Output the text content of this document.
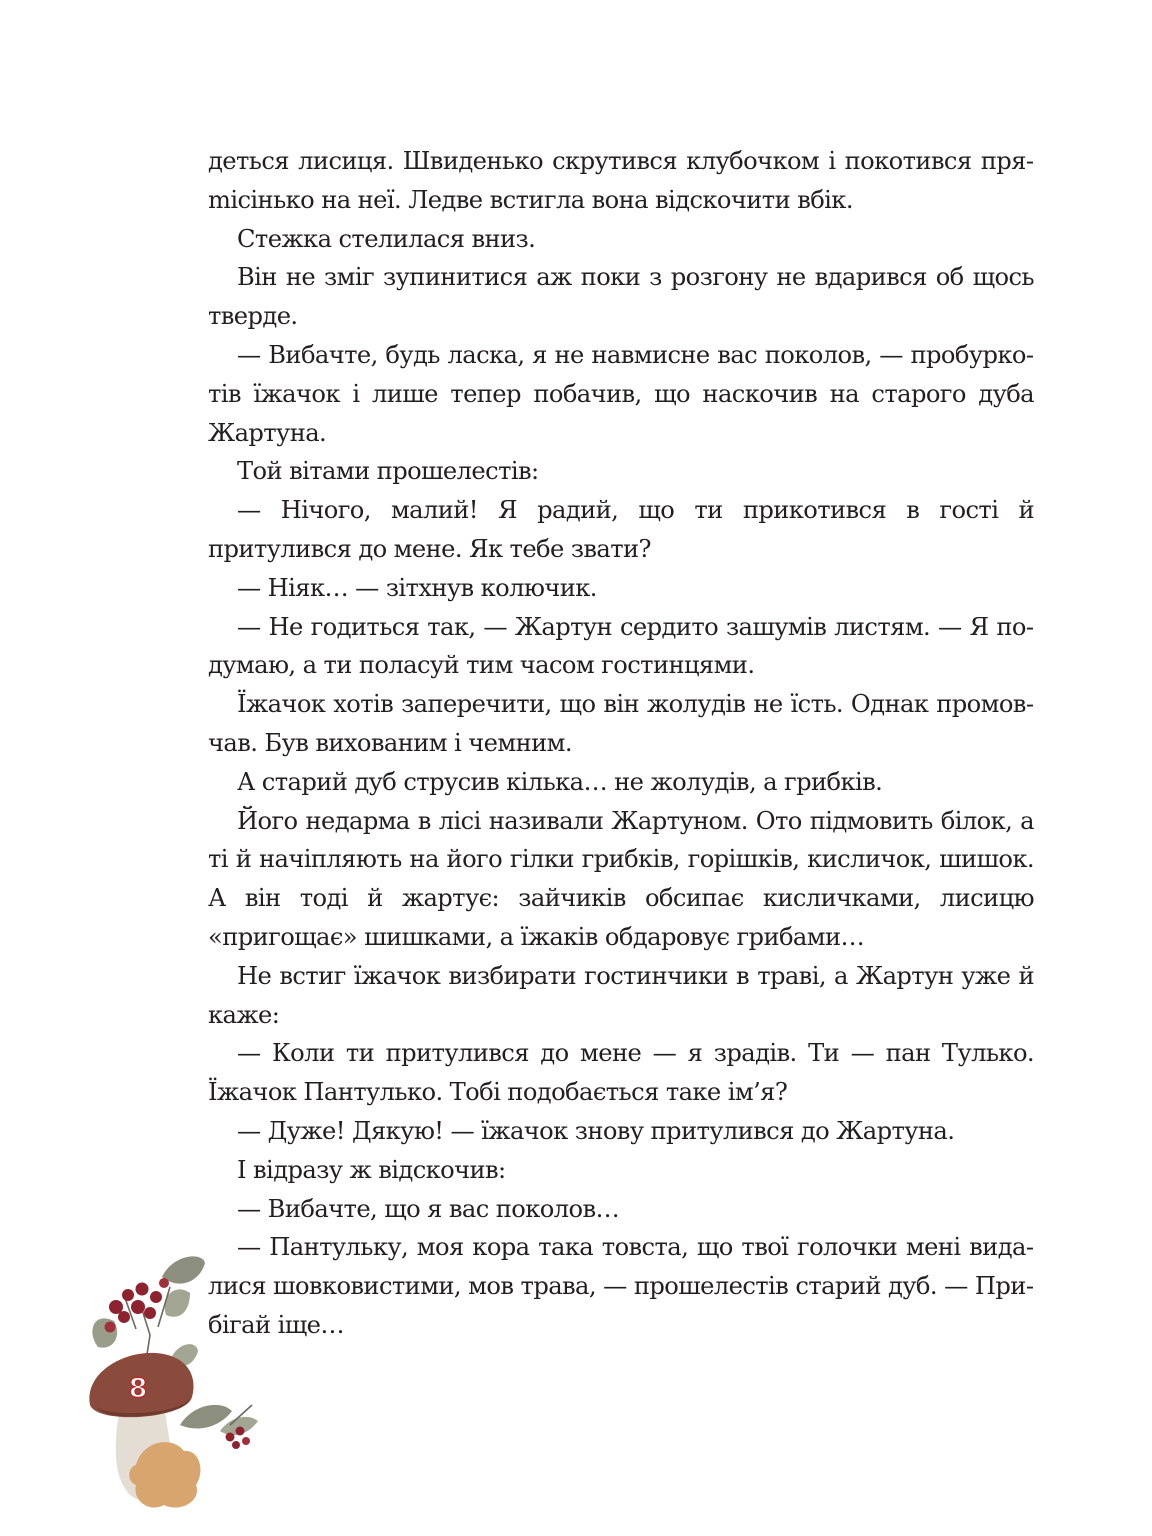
деться лисиця. Швиденько скрутився клубочком і покотився пряmісінько на неї. Ледве встигла вона відскочити вбік.

Стежка стелилася вниз.

Він не зміг зупинитися аж поки з розгону не вдарився об щось тверде.

— Вибачте, будь ласка, я не навмисне вас поколов, — пробуркотів їжачок і лише тепер побачив, що наскочив на старого дуба Жартуна.

Той вітами прошелестів:

— Нічого, малий! Я радий, що ти прикотився в гості й притулився до мене. Як тебе звати?

— Ніяк… — зітхнув колючик.

— Не годиться так, — Жартун сердито зашумів листям. — Я подумаю, а ти поласуй тим часом гостинцями.

Їжачок хотів заперечити, що він жолудів не їсть. Однак промовчав. Був вихованим і чемним.

А старий дуб струсив кілька… не жолудів, а грибків.

Його недарма в лісі називали Жартуном. Ото підмовить білок, а ті й начіпляють на його гілки грибків, горішків, кисличок, шишок. А він тоді й жартує: зайчиків обсипає кисличками, лисицю «пригощає» шишками, а їжаків обдаровує грибами…

Не встиг їжачок визбирати гостинчики в траві, а Жартун уже й каже:

— Коли ти притулився до мене — я зрадів. Ти — пан Тулько. Їжачок Пантулько. Тобі подобається таке ім’я?

— Дуже! Дякую! — їжачок знову притулився до Жартуна.

І відразу ж відскочив:

— Вибачте, що я вас поколов…

— Пантульку, моя кора така товста, що твої голочки мені видалися шовковистими, мов трава, — прошелестів старий дуб. — Прибігай іще…

8
